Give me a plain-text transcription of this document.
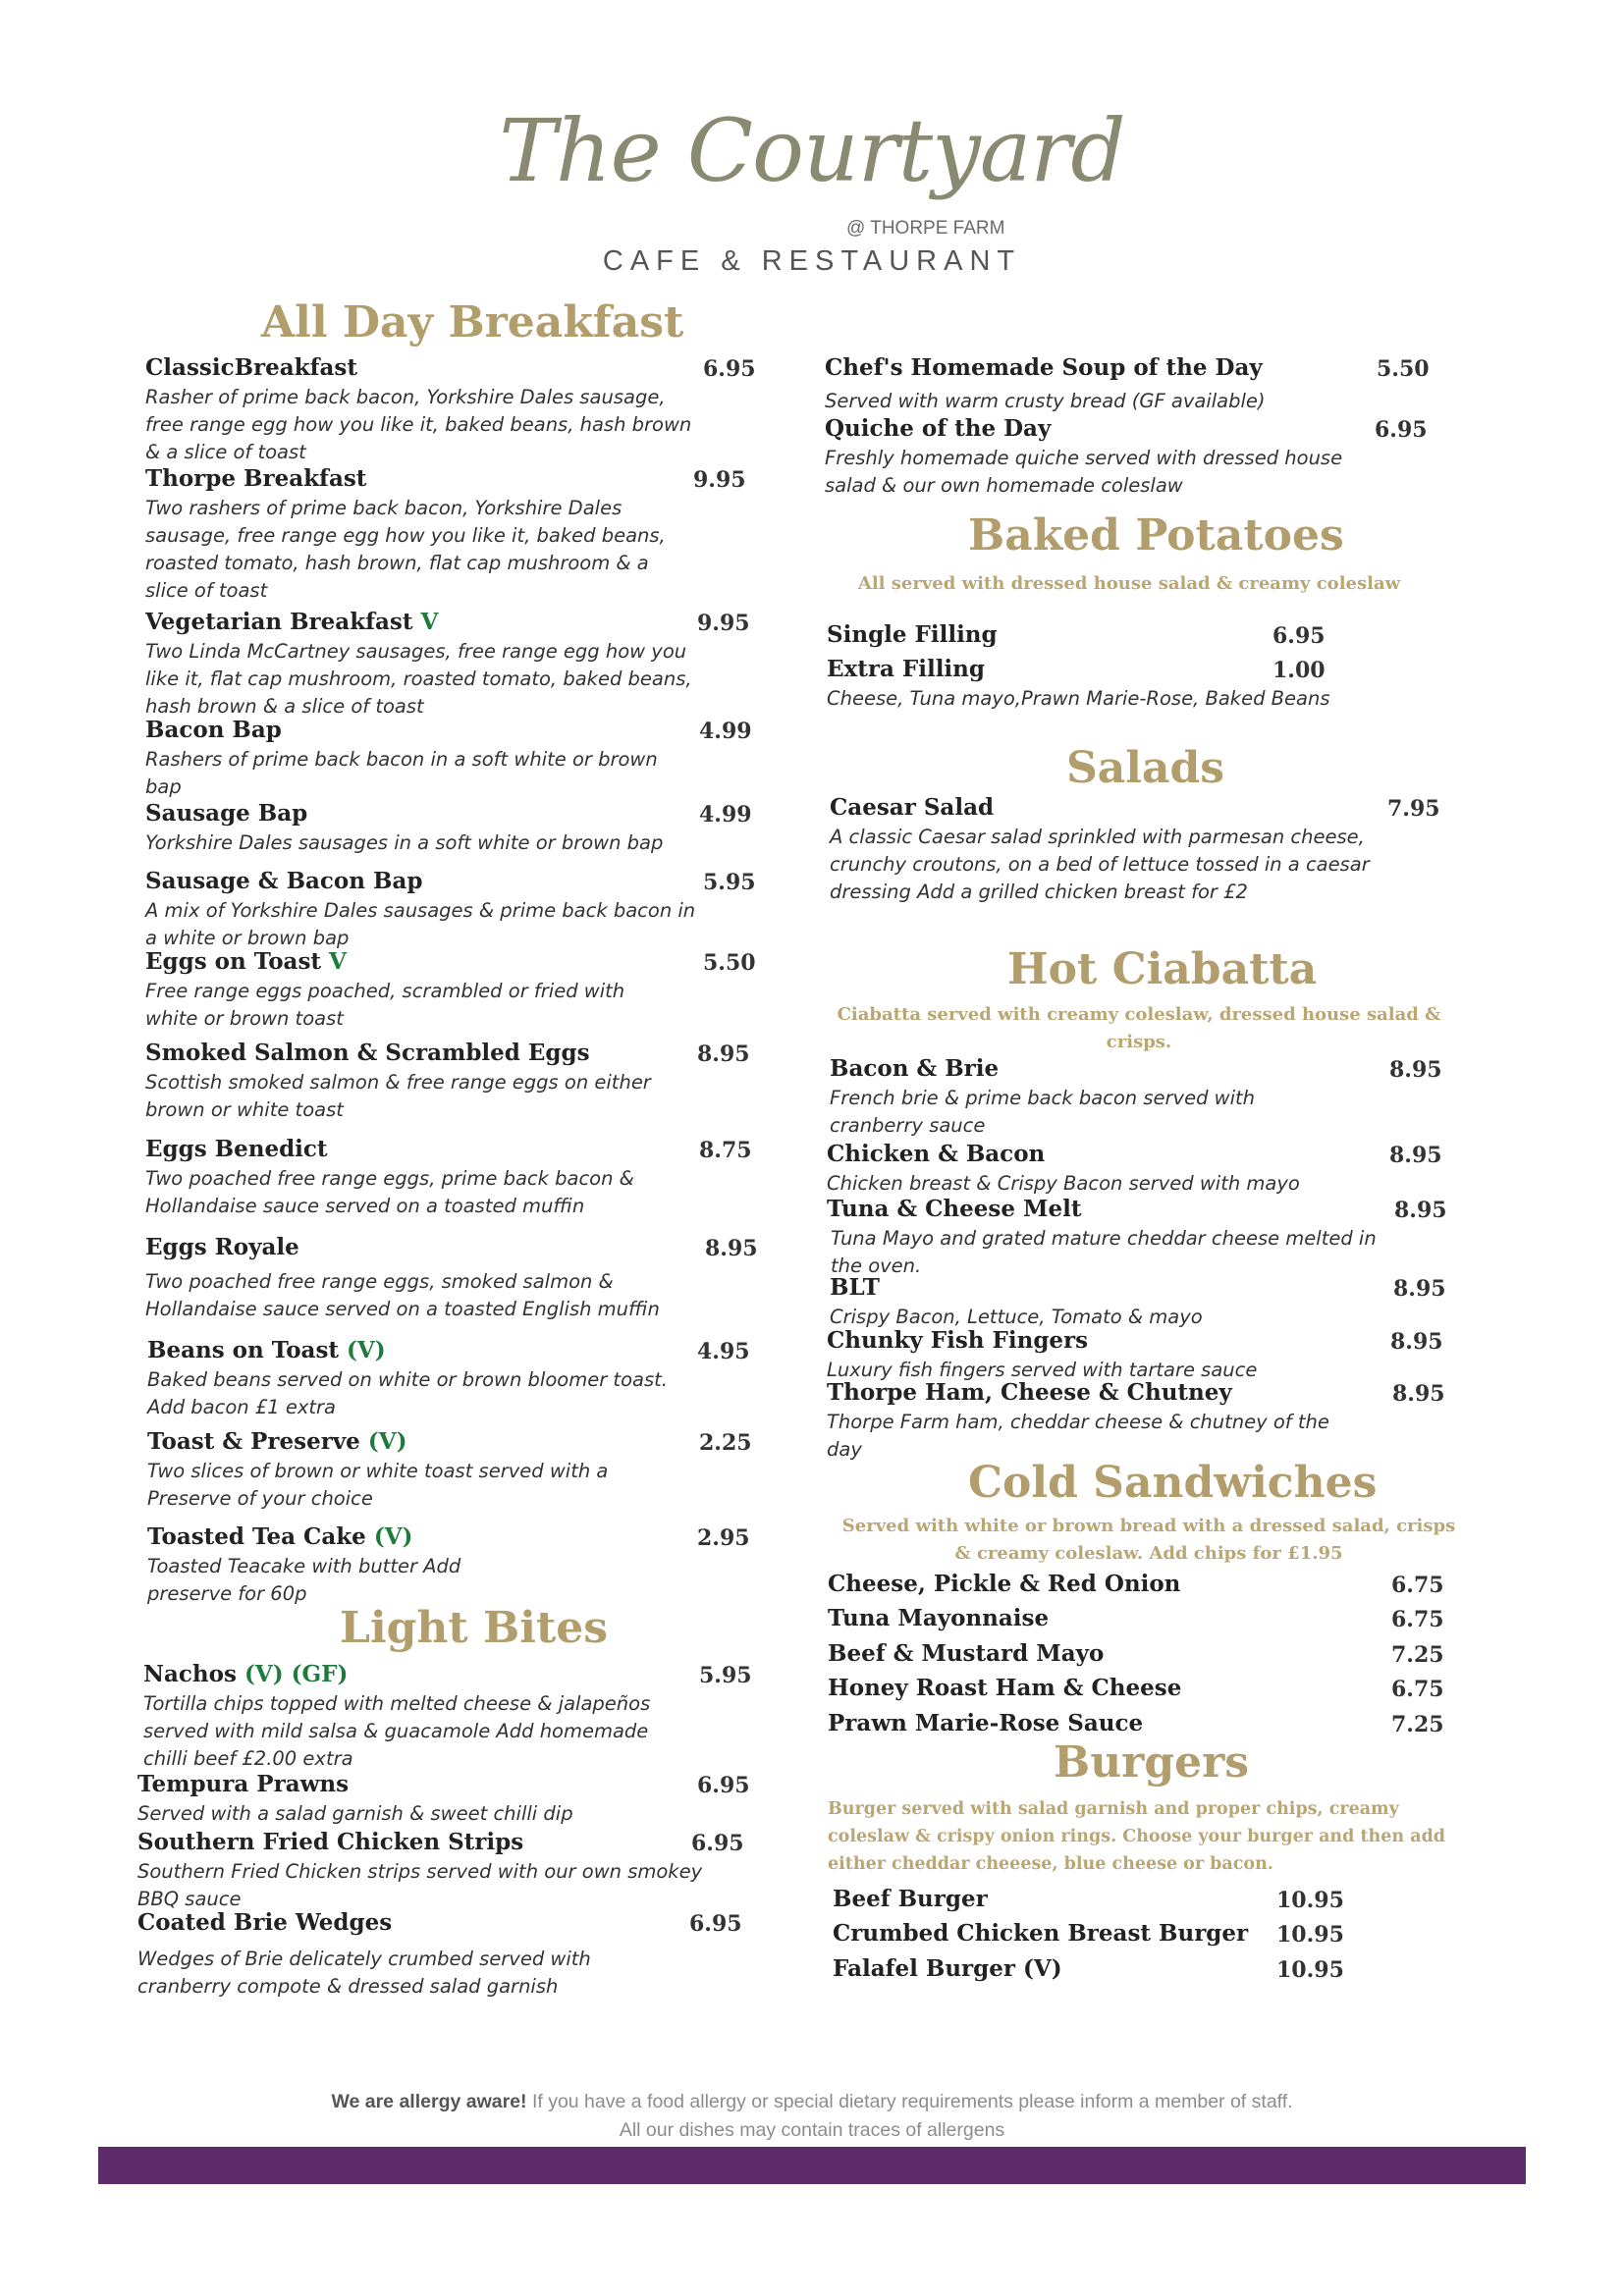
The Courtyard
@ THORPE FARM
CAFE & RESTAURANT
All Day Breakfast
ClassicBreakfast	6.95
Rasher of prime back bacon, Yorkshire Dales sausage, free range egg how you like it, baked beans, hash brown & a slice of toast
Thorpe Breakfast	9.95
Two rashers of prime back bacon, Yorkshire Dales sausage, free range egg how you like it, baked beans, roasted tomato, hash brown, flat cap mushroom & a slice of toast
Vegetarian Breakfast V	9.95
Two Linda McCartney sausages, free range egg how you like it, flat cap mushroom, roasted tomato, baked beans, hash brown & a slice of toast
Bacon Bap	4.99
Rashers of prime back bacon in a soft white or brown bap
Sausage Bap	4.99
Yorkshire Dales sausages in a soft white or brown bap
Sausage & Bacon Bap	5.95
A mix of Yorkshire Dales sausages & prime back bacon in a white or brown bap
Eggs on Toast V	5.50
Free range eggs poached, scrambled or fried with white or brown toast
Smoked Salmon & Scrambled Eggs	8.95
Scottish smoked salmon & free range eggs on either brown or white toast
Eggs Benedict	8.75
Two poached free range eggs, prime back bacon & Hollandaise sauce served on a toasted muffin
Eggs Royale	8.95
Two poached free range eggs, smoked salmon & Hollandaise sauce served on a toasted English muffin
Beans on Toast (V)	4.95
Baked beans served on white or brown bloomer toast. Add bacon £1 extra
Toast & Preserve (V)	2.25
Two slices of brown or white toast served with a Preserve of your choice
Toasted Tea Cake (V)	2.95
Toasted Teacake with butter Add preserve for 60p
Light Bites
Nachos (V) (GF)	5.95
Tortilla chips topped with melted cheese & jalapeños served with mild salsa & guacamole Add homemade chilli beef £2.00 extra
Tempura Prawns	6.95
Served with a salad garnish & sweet chilli dip
Southern Fried Chicken Strips	6.95
Southern Fried Chicken strips served with our own smokey BBQ sauce
Coated Brie Wedges	6.95
Wedges of Brie delicately crumbed served with cranberry compote & dressed salad garnish
Chef's Homemade Soup of the Day	5.50
Served with warm crusty bread (GF available)
Quiche of the Day	6.95
Freshly homemade quiche served with dressed house salad & our own homemade coleslaw
Baked Potatoes
All served with dressed house salad & creamy coleslaw
Single Filling	6.95
Extra Filling	1.00
Cheese, Tuna mayo,Prawn Marie-Rose, Baked Beans
Salads
Caesar Salad	7.95
A classic Caesar salad sprinkled with parmesan cheese, crunchy croutons, on a bed of lettuce tossed in a caesar dressing Add a grilled chicken breast for £2
Hot Ciabatta
Ciabatta served with creamy coleslaw, dressed house salad & crisps.
Bacon & Brie	8.95
French brie & prime back bacon served with cranberry sauce
Chicken & Bacon	8.95
Chicken breast & Crispy Bacon served with mayo
Tuna & Cheese Melt	8.95
Tuna Mayo and grated mature cheddar cheese melted in the oven.
BLT	8.95
Crispy Bacon, Lettuce, Tomato & mayo
Chunky Fish Fingers	8.95
Luxury fish fingers served with tartare sauce
Thorpe Ham, Cheese & Chutney	8.95
Thorpe Farm ham, cheddar cheese & chutney of the day
Cold Sandwiches
Served with white or brown bread with a dressed salad, crisps & creamy coleslaw. Add chips for £1.95
Cheese, Pickle & Red Onion	6.75
Tuna Mayonnaise	6.75
Beef & Mustard Mayo	7.25
Honey Roast Ham & Cheese	6.75
Prawn Marie-Rose Sauce	7.25
Burgers
Burger served with salad garnish and proper chips, creamy coleslaw & crispy onion rings. Choose your burger and then add either cheddar cheeese, blue cheese or bacon.
Beef Burger	10.95
Crumbed Chicken Breast Burger 10.95
Falafel Burger (V)	10.95
We are allergy aware! If you have a food allergy or special dietary requirements please inform a member of staff.
All our dishes may contain traces of allergens
